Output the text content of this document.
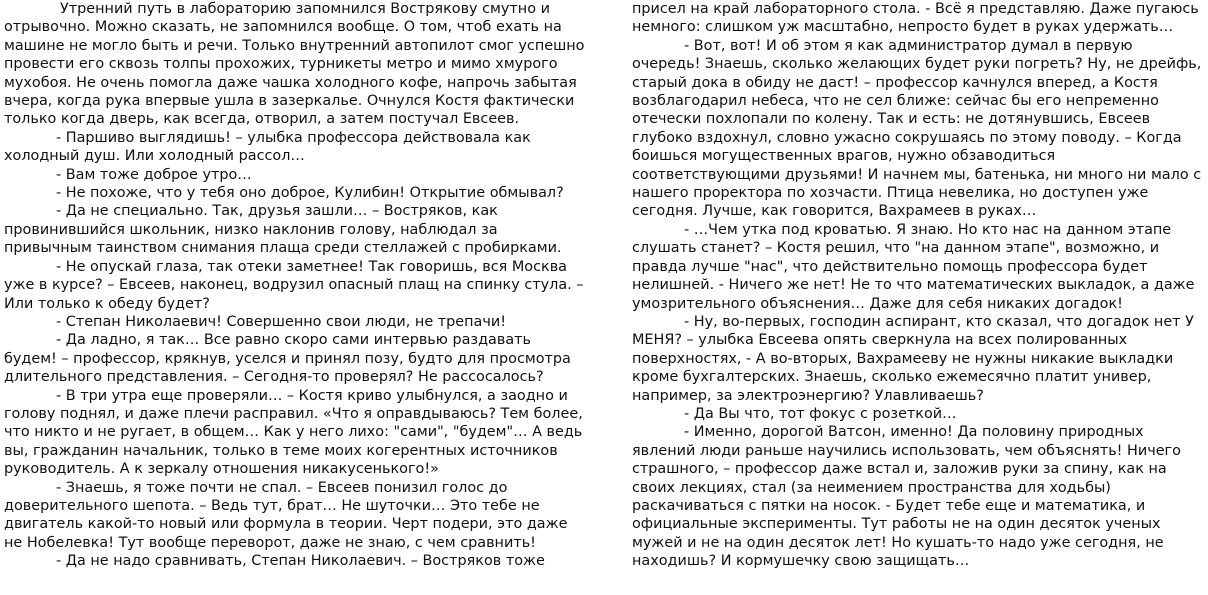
Утренний путь в лабораторию запомнился Вострякову смутно и отрывочно. Можно сказать, не запомнился вообще. О том, чтоб ехать на машине не могло быть и речи. Только внутренний автопилот смог успешно провести его сквозь толпы прохожих, турникеты метро и мимо хмурого мухобоя. Не очень помогла даже чашка холодного кофе, напрочь забытая вчера, когда рука впервые ушла в зазеркалье. Очнулся Костя фактически только когда дверь, как всегда, отворил, а затем постучал Евсеев.

- Паршиво выглядишь! – улыбка профессора действовала как холодный душ. Или холодный рассол…

- Вам тоже доброе утро…

- Не похоже, что у тебя оно доброе, Кулибин! Открытие обмывал?

- Да не специально. Так, друзья зашли… – Востряков, как провинившийся школьник, низко наклонив голову, наблюдал за привычным таинством снимания плаща среди стеллажей с пробирками.

- Не опускай глаза, так отеки заметнее! Так говоришь, вся Москва уже в курсе? – Евсеев, наконец, водрузил опасный плащ на спинку стула. – Или только к обеду будет?

- Степан Николаевич! Совершенно свои люди, не трепачи!

- Да ладно, я так… Все равно скоро сами интервью раздавать будем! – профессор, крякнув, уселся и принял позу, будто для просмотра длительного представления. – Сегодня-то проверял? Не рассосалось?

- В три утра еще проверяли… – Костя криво улыбнулся, а заодно и голову поднял, и даже плечи расправил. «Что я оправдываюсь? Тем более, что никто и не ругает, в общем… Как у него лихо: "сами", "будем"… А ведь вы, гражданин начальник, только в теме моих когерентных источников руководитель. А к зеркалу отношения никакусенького!»

- Знаешь, я тоже почти не спал. – Евсеев понизил голос до доверительного шепота. – Ведь тут, брат… Не шуточки… Это тебе не двигатель какой-то новый или формула в теории. Черт подери, это даже не Нобелевка! Тут вообще переворот, даже не знаю, с чем сравнить!

- Да не надо сравнивать, Степан Николаевич. – Востряков тоже

присел на край лабораторного стола. - Всё я представляю. Даже пугаюсь немного: слишком уж масштабно, непросто будет в руках удержать…

- Вот, вот! И об этом я как администратор думал в первую очередь! Знаешь, сколько желающих будет руки погреть? Ну, не дрейфь, старый дока в обиду не даст! – профессор качнулся вперед, а Костя возблагодарил небеса, что не сел ближе: сейчас бы его непременно отечески похлопали по колену. Так и есть: не дотянувшись, Евсеев глубоко вздохнул, словно ужасно сокрушаясь по этому поводу. – Когда боишься могущественных врагов, нужно обзаводиться соответствующими друзьями! И начнем мы, батенька, ни много ни мало с нашего проректора по хозчасти. Птица невелика, но доступен уже сегодня. Лучше, как говорится, Вахрамеев в руках…

- …Чем утка под кроватью. Я знаю. Но кто нас на данном этапе слушать станет? – Костя решил, что "на данном этапе", возможно, и правда лучше "нас", что действительно помощь профессора будет нелишней. - Ничего же нет! Не то что математических выкладок, а даже умозрительного объяснения… Даже для себя никаких догадок!

- Ну, во-первых, господин аспирант, кто сказал, что догадок нет У МЕНЯ? – улыбка Евсеева опять сверкнула на всех полированных поверхностях, - А во-вторых, Вахрамееву не нужны никакие выкладки кроме бухгалтерских. Знаешь, сколько ежемесячно платит универ, например, за электроэнергию? Улавливаешь?

- Да Вы что, тот фокус с розеткой…

- Именно, дорогой Ватсон, именно! Да половину природных явлений люди раньше научились использовать, чем объяснять! Ничего страшного, – профессор даже встал и, заложив руки за спину, как на своих лекциях, стал (за неимением пространства для ходьбы) раскачиваться с пятки на носок. - Будет тебе еще и математика, и официальные эксперименты. Тут работы не на один десяток ученых мужей и не на один десяток лет! Но кушать-то надо уже сегодня, не находишь? И кормушечку свою защищать…
